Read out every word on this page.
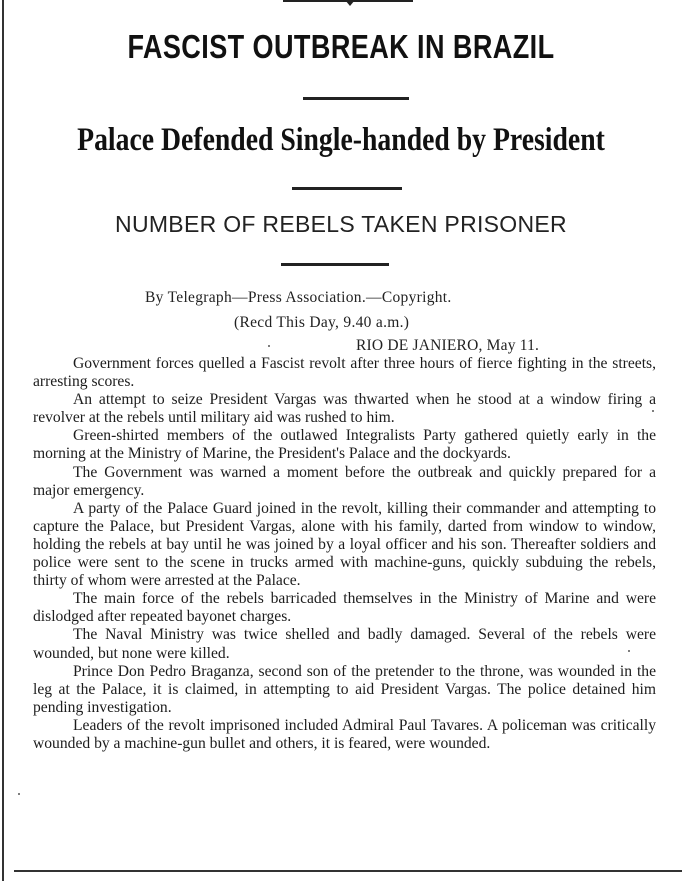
FASCIST OUTBREAK IN BRAZIL
Palace Defended Single-handed by President
NUMBER OF REBELS TAKEN PRISONER
By Telegraph—Press Association.—Copyright.
(Recd This Day, 9.40 a.m.)
RIO DE JANIERO, May 11.

Government forces quelled a Fascist revolt after three hours of fierce fighting in the streets, arresting scores.

An attempt to seize President Vargas was thwarted when he stood at a window firing a revolver at the rebels until military aid was rushed to him.

Green-shirted members of the outlawed Integralists Party gathered quietly early in the morning at the Ministry of Marine, the President's Palace and the dockyards.

The Government was warned a moment before the outbreak and quickly prepared for a major emergency.

A party of the Palace Guard joined in the revolt, killing their commander and attempting to capture the Palace, but President Vargas, alone with his family, darted from window to window, holding the rebels at bay until he was joined by a loyal officer and his son. Thereafter soldiers and police were sent to the scene in trucks armed with machine-guns, quickly subduing the rebels, thirty of whom were arrested at the Palace.

The main force of the rebels barricaded themselves in the Ministry of Marine and were dislodged after repeated bayonet charges.

The Naval Ministry was twice shelled and badly damaged. Several of the rebels were wounded, but none were killed.

Prince Don Pedro Braganza, second son of the pretender to the throne, was wounded in the leg at the Palace, it is claimed, in attempting to aid President Vargas. The police detained him pending investigation.

Leaders of the revolt imprisoned included Admiral Paul Tavares. A policeman was critically wounded by a machine-gun bullet and others, it is feared, were wounded.
